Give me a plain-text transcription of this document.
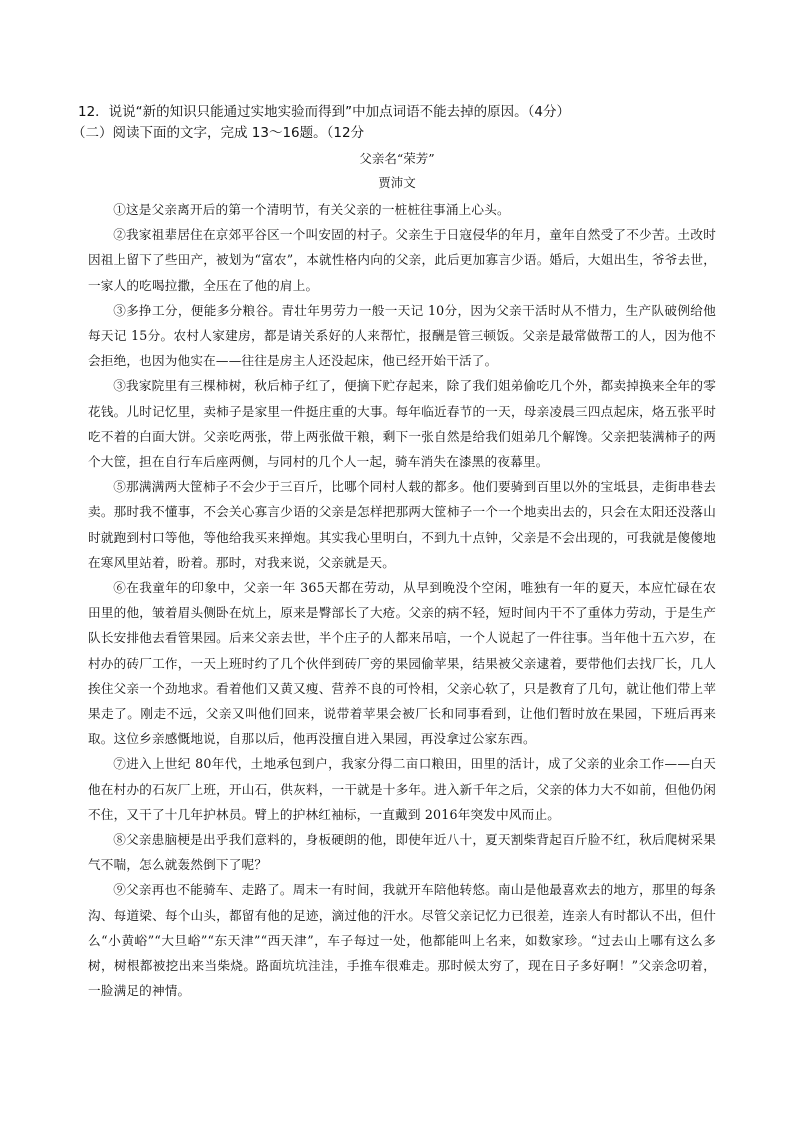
12．说说“新的知识只能通过实地实验而得到”中加点词语不能去掉的原因。（4分）
（二）阅读下面的文字，完成 13～16题。（12分
父亲名“荣芳”
贾沛文

①这是父亲离开后的第一个清明节，有关父亲的一桩桩往事涌上心头。

②我家祖辈居住在京郊平谷区一个叫安固的村子。父亲生于日寇侵华的年月，童年自然受了不少苦。土改时因祖上留下了些田产，被划为“富农”，本就性格内向的父亲，此后更加寡言少语。婚后，大姐出生，爷爷去世，一家人的吃喝拉撒，全压在了他的肩上。

③多挣工分，便能多分粮谷。青壮年男劳力一般一天记 10分，因为父亲干活时从不惜力，生产队破例给他每天记 15分。农村人家建房，都是请关系好的人来帮忙，报酬是管三顿饭。父亲是最常做帮工的人，因为他不会拒绝，也因为他实在——往往是房主人还没起床，他已经开始干活了。

③我家院里有三棵柿树，秋后柿子红了，便摘下贮存起来，除了我们姐弟偷吃几个外，都卖掉换来全年的零花钱。儿时记忆里，卖柿子是家里一件挺庄重的大事。每年临近春节的一天，母亲凌晨三四点起床，烙五张平时吃不着的白面大饼。父亲吃两张，带上两张做干粮，剩下一张自然是给我们姐弟几个解馋。父亲把装满柿子的两个大筐，担在自行车后座两侧，与同村的几个人一起，骑车消失在漆黑的夜幕里。

⑤那满满两大筐柿子不会少于三百斤，比哪个同村人载的都多。他们要骑到百里以外的宝坻县，走街串巷去卖。那时我不懂事，不会关心寡言少语的父亲是怎样把那两大筐柿子一个一个地卖出去的，只会在太阳还没落山时就跑到村口等他，等他给我买来掸炮。其实我心里明白，不到九十点钟，父亲是不会出现的，可我就是傻傻地在寒风里站着，盼着。那时，对我来说，父亲就是天。

⑥在我童年的印象中，父亲一年 365天都在劳动，从早到晚没个空闲，唯独有一年的夏天，本应忙碌在农田里的他，皱着眉头侧卧在炕上，原来是臀部长了大疮。父亲的病不轻，短时间内干不了重体力劳动，于是生产队长安排他去看管果园。后来父亲去世，半个庄子的人都来吊唁，一个人说起了一件往事。当年他十五六岁，在村办的砖厂工作，一天上班时约了几个伙伴到砖厂旁的果园偷苹果，结果被父亲逮着，要带他们去找厂长，几人挨住父亲一个劲地求。看着他们又黄又瘦、营养不良的可怜相，父亲心软了，只是教育了几句，就让他们带上苹果走了。刚走不远，父亲又叫他们回来，说带着苹果会被厂长和同事看到，让他们暂时放在果园，下班后再来取。这位乡亲感慨地说，自那以后，他再没擅自进入果园，再没拿过公家东西。

⑦进入上世纪 80年代，土地承包到户，我家分得二亩口粮田，田里的活计，成了父亲的业余工作——白天他在村办的石灰厂上班，开山石，供灰料，一干就是十多年。进入新千年之后，父亲的体力大不如前，但他仍闲不住，又干了十几年护林员。臂上的护林红袖标，一直戴到 2016年突发中风而止。

⑧父亲患脑梗是出乎我们意料的，身板硬朗的他，即使年近八十，夏天割柴背起百斤脸不红，秋后爬树采果气不喘，怎么就轰然倒下了呢？

⑨父亲再也不能骑车、走路了。周末一有时间，我就开车陪他转悠。南山是他最喜欢去的地方，那里的每条沟、每道梁、每个山头，都留有他的足迹，滴过他的汗水。尽管父亲记忆力已很差，连亲人有时都认不出，但什么“小黄峪”“大旦峪”“东天津”“西天津”，车子每过一处，他都能叫上名来，如数家珍。“过去山上哪有这么多树，树根都被挖出来当柴烧。路面坑坑洼洼，手推车很难走。那时候太穷了，现在日子多好啊！”父亲念叨着，一脸满足的神情。
